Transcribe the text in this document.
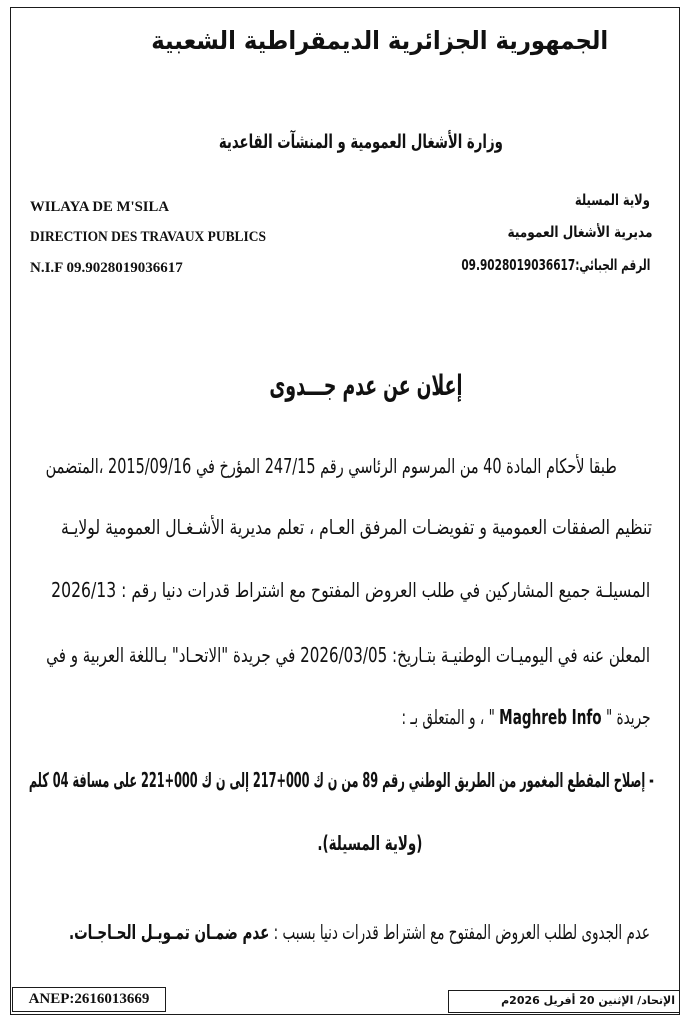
الجمهورية الجزائرية الديمقراطية الشعبية
وزارة الأشغال العمومية و المنشآت القاعدية
WILAYA DE M'SILA
DIRECTION DES TRAVAUX PUBLICS
N.I.F 09.9028019036617
ولاية المسيلة
مديرية الأشغال العمومية
الرقم الجبائي:09.9028019036617
إعلان عن عدم جـــدوى
طبقا لأحكام المادة 40 من المرسوم الرئاسي رقم 247/15 المؤرخ في 2015/09/16 ،المتضمن
تنظيم الصفقات العمومية و تفويضـات المرفق العـام ، تعلم مديرية الأشـغـال العمومية لولايـة
المسيلـة جميع المشاركين في طلب العروض المفتوح مع اشتراط قدرات دنيا رقم : 2026/13
المعلن عنه في اليوميـات الوطنيـة بتـاريخ: 2026/03/05 في جريدة "الاتحـاد" بـاللغة العربية و في
جريدة " Maghreb Info " ، و المتعلق بـ :
- إصلاح المقطع المغمور من الطريق الوطني رقم 89 من ن ك 217+000 إلى ن ك 221+000 على مسافة 04 كلم
(ولاية المسيلة).
عدم الجدوى لطلب العروض المفتوح مع اشتراط قدرات دنيا بسبب : عدم ضمـان تمـويـل الحـاجـات.
ANEP:2616013669	الإتحاد/ الإثنين 20 أفريل 2026م
